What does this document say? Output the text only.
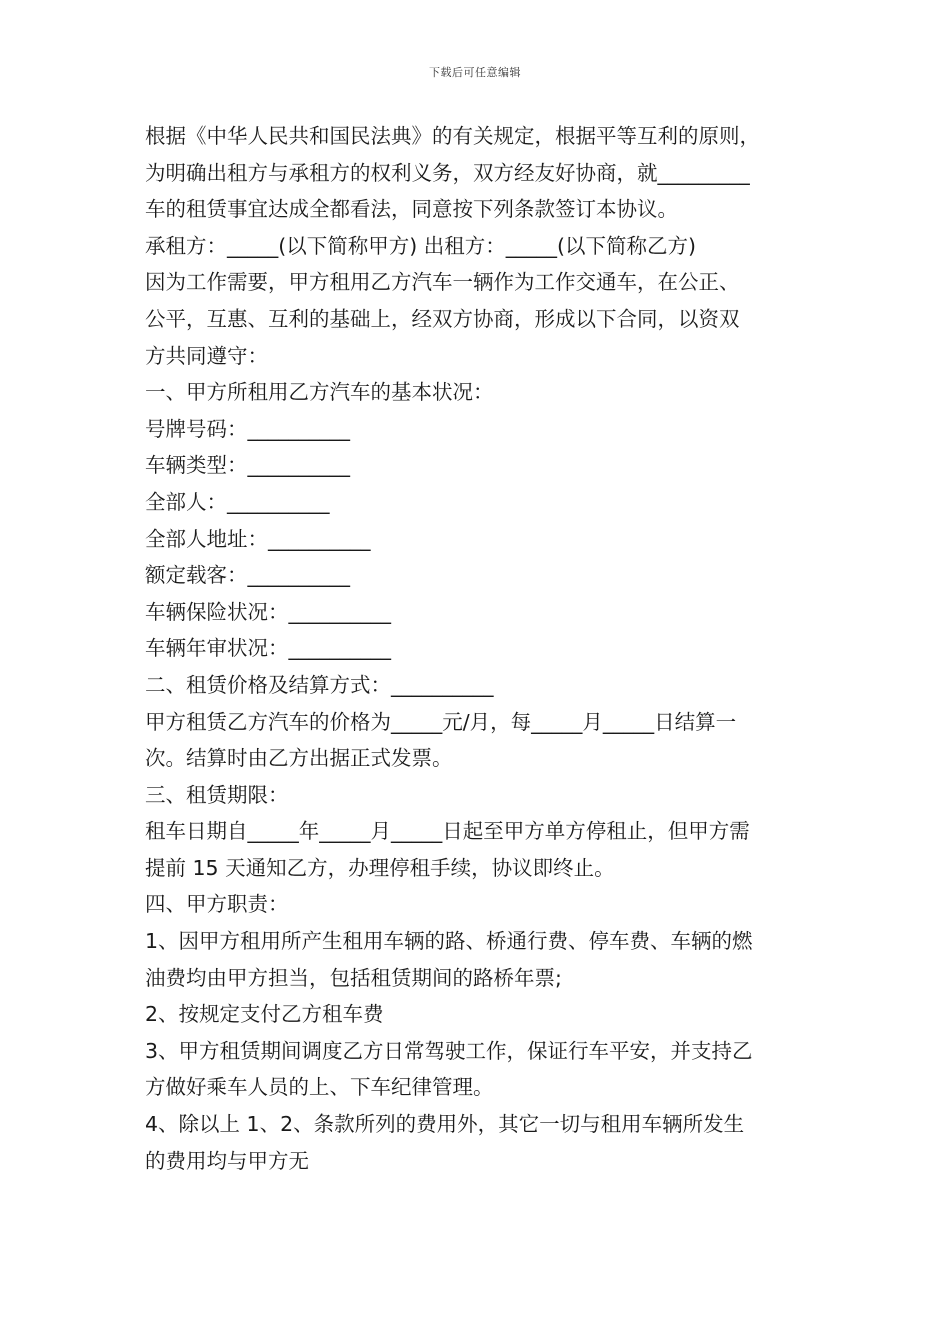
下载后可任意编辑
根据《中华人民共和国民法典》的有关规定，根据平等互利的原则，
为明确出租方与承租方的权利义务，双方经友好协商，就_________
车的租赁事宜达成全都看法，同意按下列条款签订本协议。
承租方：_____(以下简称甲方) 出租方：_____(以下简称乙方)
因为工作需要，甲方租用乙方汽车一辆作为工作交通车，在公正、
公平，互惠、互利的基础上，经双方协商，形成以下合同，以资双
方共同遵守：
一、甲方所租用乙方汽车的基本状况：
号牌号码：__________
车辆类型：__________
全部人：__________
全部人地址：__________
额定载客：__________
车辆保险状况：__________
车辆年审状况：__________
二、租赁价格及结算方式：__________
甲方租赁乙方汽车的价格为_____元/月，每_____月_____日结算一
次。结算时由乙方出据正式发票。
三、租赁期限：
租车日期自_____年_____月_____日起至甲方单方停租止，但甲方需
提前 15 天通知乙方，办理停租手续，协议即终止。
四、甲方职责：
1、因甲方租用所产生租用车辆的路、桥通行费、停车费、车辆的燃
油费均由甲方担当，包括租赁期间的路桥年票;
2、按规定支付乙方租车费
3、甲方租赁期间调度乙方日常驾驶工作，保证行车平安，并支持乙
方做好乘车人员的上、下车纪律管理。
4、除以上 1、2、条款所列的费用外，其它一切与租用车辆所发生
的费用均与甲方无
